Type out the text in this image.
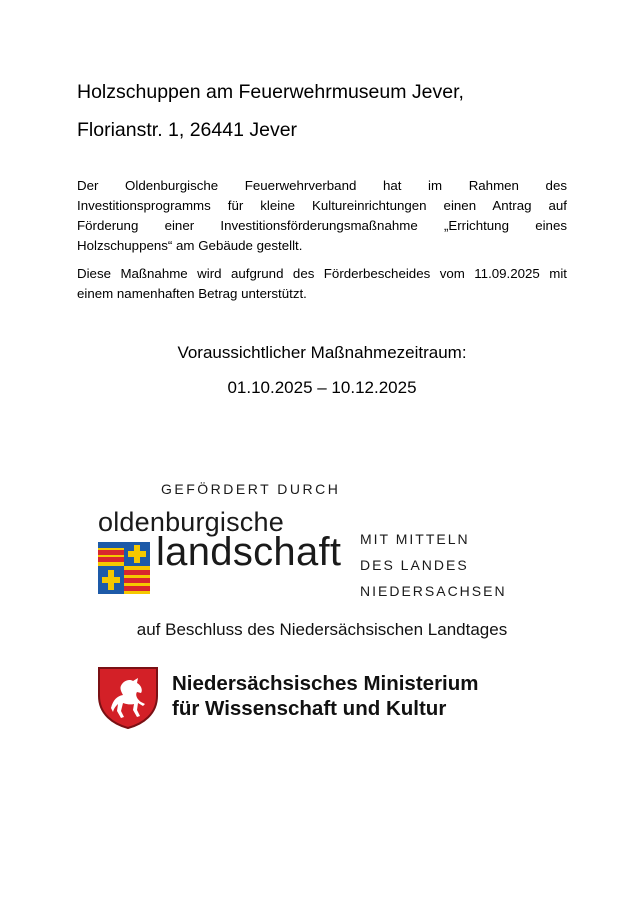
Holzschuppen am Feuerwehrmuseum Jever,
Florianstr. 1, 26441 Jever
Der Oldenburgische Feuerwehrverband hat im Rahmen des
Investitionsprogramms für kleine Kultureinrichtungen einen Antrag auf
Förderung einer Investitionsförderungsmaßnahme „Errichtung eines
Holzschuppens“ am Gebäude gestellt.
Diese Maßnahme wird aufgrund des Förderbescheides vom 11.09.2025 mit
einem namenhaften Betrag unterstützt.
Voraussichtlicher Maßnahmezeitraum:
01.10.2025 – 10.12.2025
GEFÖRDERT DURCH
oldenburgische
landschaft MIT MITTELN
DES LANDES
NIEDERSACHSEN
auf Beschluss des Niedersächsischen Landtages
Niedersächsisches Ministerium
für Wissenschaft und Kultur
